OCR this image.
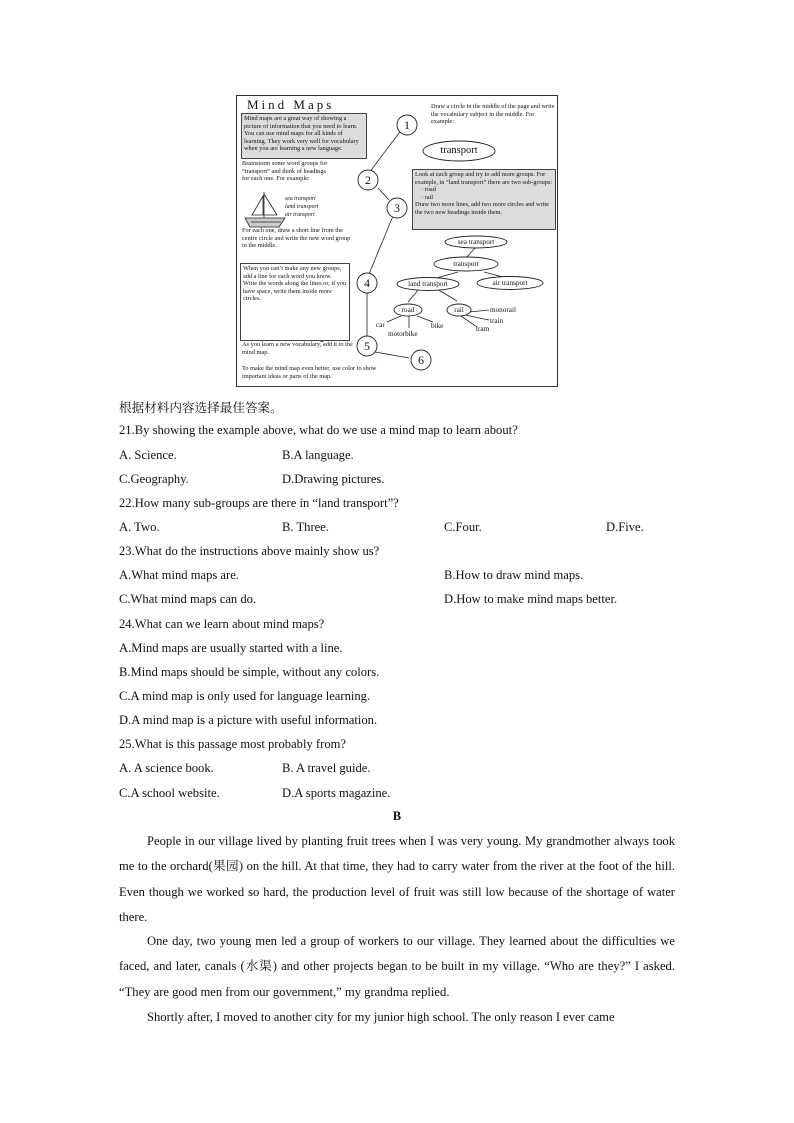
Mind Maps
Mind maps are a great way of showing a picture of information that you need to learn. You can use mind maps for all kinds of learning. They work very well for vocabulary when you are learning a new language.
Brainstorm some word groups for “transport” and think of headings for each one. For example:
sea transport
land transport
air transport
For each one, draw a short line from the centre circle and write the new word group in the middle.
When you can’t make any new groups, add a line for each word you know. Write the words along the lines or, if you have space, write them inside more circles.
As you learn a new vocabulary, add it to the mind map.
To make the mind map even better, use color to show important ideas or parts of the map.
Draw a circle in the middle of the page and write the vocabulary subject in the middle. For example:
Look at each group and try to add more groups. For example, in “land transport” there are two sub-groups:
· road
· rail
Draw two more lines, add two more circles and write the two new headings inside them.
1
2
3
4
5
6
transport
sea transport
transport
land transport	air transport
road	rail
car
motorbike
bike
monorail
train
tram
根据材料内容选择最佳答案。
21.By showing the example above, what do we use a mind map to learn about?
A. Science.	B.A language.
C.Geography.	D.Drawing pictures.
22.How many sub-groups are there in “land transport”?
A. Two.	B. Three.	C.Four.	D.Five.
23.What do the instructions above mainly show us?
A.What mind maps are.	B.How to draw mind maps.
C.What mind maps can do.	D.How to make mind maps better.
24.What can we learn about mind maps?
A.Mind maps are usually started with a line.
B.Mind maps should be simple, without any colors.
C.A mind map is only used for language learning.
D.A mind map is a picture with useful information.
25.What is this passage most probably from?
A. A science book.	B. A travel guide.
C.A school website.	D.A sports magazine.
B
People in our village lived by planting fruit trees when I was very young. My grandmother always took me to the orchard(果园) on the hill. At that time, they had to carry water from the river at the foot of the hill. Even though we worked so hard, the production level of fruit was still low because of the shortage of water there.
One day, two young men led a group of workers to our village. They learned about the difficulties we faced, and later, canals (水渠) and other projects began to be built in my village. “Who are they?” I asked. “They are good men from our government,” my grandma replied.
Shortly after, I moved to another city for my junior high school. The only reason I ever came
